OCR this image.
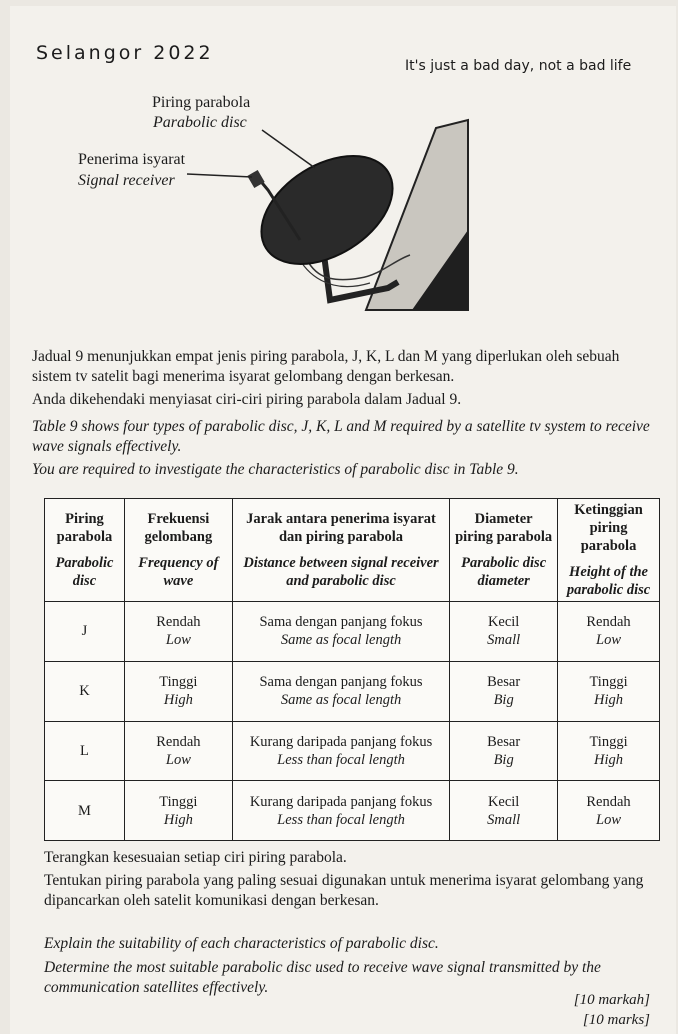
Selangor 2022
It's just a bad day, not a bad life
Piring parabola
Parabolic disc
Penerima isyarat
Signal receiver
Jadual 9 menunjukkan empat jenis piring parabola, J, K, L dan M yang diperlukan oleh sebuah sistem tv satelit bagi menerima isyarat gelombang dengan berkesan.
Anda dikehendaki menyiasat ciri-ciri piring parabola dalam Jadual 9.
Table 9 shows four types of parabolic disc, J, K, L and M required by a satellite tv system to receive wave signals effectively.
You are required to investigate the characteristics of parabolic disc in Table 9.
Piring parabola
Parabolic disc	Frekuensi gelombang
Frequency of wave	Jarak antara penerima isyarat dan piring parabola
Distance between signal receiver and parabolic disc	Diameter piring parabola
Parabolic disc diameter	Ketinggian piring parabola
Height of the parabolic disc

J	Rendah
Low	Sama dengan panjang fokus
Same as focal length	Kecil
Small	Rendah
Low

K	Tinggi
High	Sama dengan panjang fokus
Same as focal length	Besar
Big	Tinggi
High

L	Rendah
Low	Kurang daripada panjang fokus
Less than focal length	Besar
Big	Tinggi
High

M	Tinggi
High	Kurang daripada panjang fokus
Less than focal length	Kecil
Small	Rendah
Low
Terangkan kesesuaian setiap ciri piring parabola.
Tentukan piring parabola yang paling sesuai digunakan untuk menerima isyarat gelombang yang dipancarkan oleh satelit komunikasi dengan berkesan.
Explain the suitability of each characteristics of parabolic disc.
Determine the most suitable parabolic disc used to receive wave signal transmitted by the communication satellites effectively.
[10 markah]
[10 marks]
